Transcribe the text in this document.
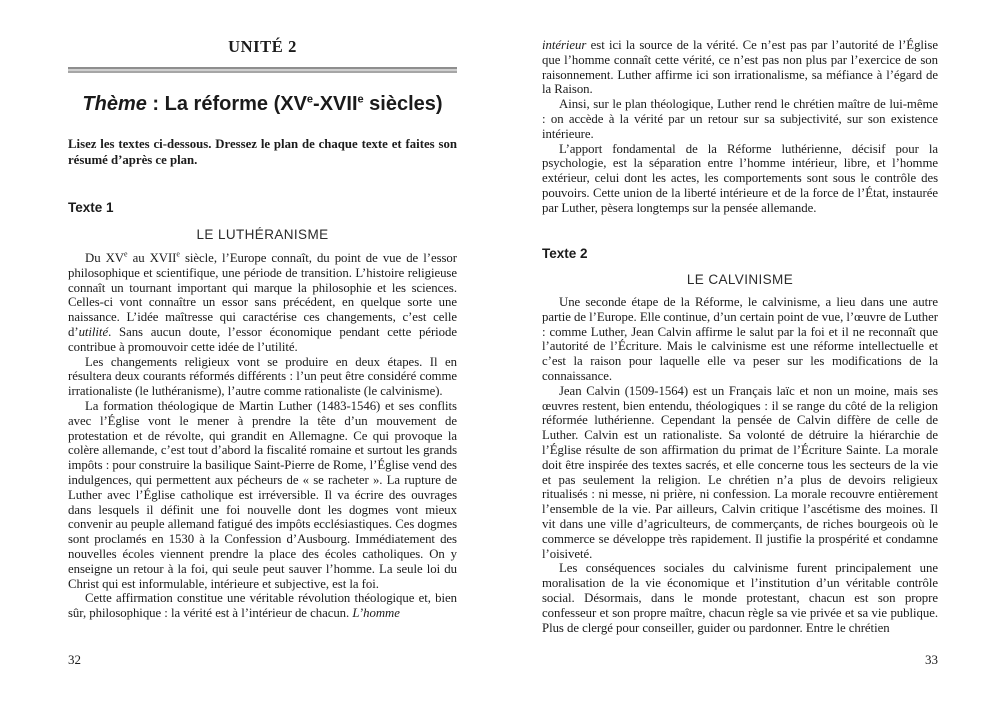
UNITÉ 2
Thème : La réforme (XVe-XVIIe siècles)

Lisez les textes ci-dessous. Dressez le plan de chaque texte et faites son résumé d’après ce plan.

Texte 1
LE LUTHÉRANISME

Du XVe au XVIIe siècle, l’Europe connaît, du point de vue de l’essor philosophique et scientifique, une période de transition. L’histoire religieuse connaît un tournant important qui marque la philosophie et les sciences. Celles-ci vont connaître un essor sans précédent, en quelque sorte une naissance. L’idée maîtresse qui caractérise ces changements, c’est celle d’utilité. Sans aucun doute, l’essor économique pendant cette période contribue à promouvoir cette idée de l’utilité.

Les changements religieux vont se produire en deux étapes. Il en résultera deux courants réformés différents : l’un peut être considéré comme irrationaliste (le luthéranisme), l’autre comme rationaliste (le calvinisme).

La formation théologique de Martin Luther (1483-1546) et ses conflits avec l’Église vont le mener à prendre la tête d’un mouvement de protestation et de révolte, qui grandit en Allemagne. Ce qui provoque la colère allemande, c’est tout d’abord la fiscalité romaine et surtout les grands impôts : pour construire la basilique Saint-Pierre de Rome, l’Église vend des indulgences, qui permettent aux pécheurs de « se racheter ». La rupture de Luther avec l’Église catholique est irréversible. Il va écrire des ouvrages dans lesquels il définit une foi nouvelle dont les dogmes vont mieux convenir au peuple allemand fatigué des impôts ecclésiastiques. Ces dogmes sont proclamés en 1530 à la Confession d’Ausbourg. Immédiatement des nouvelles écoles viennent prendre la place des écoles catholiques. On y enseigne un retour à la foi, qui seule peut sauver l’homme. La seule loi du Christ qui est informulable, intérieure et subjective, est la foi.

Cette affirmation constitue une véritable révolution théologique et, bien sûr, philosophique : la vérité est à l’intérieur de chacun. L’homme

32

intérieur est ici la source de la vérité. Ce n’est pas par l’autorité de l’Église que l’homme connaît cette vérité, ce n’est pas non plus par l’exercice de son raisonnement. Luther affirme ici son irrationalisme, sa méfiance à l’égard de la Raison.

Ainsi, sur le plan théologique, Luther rend le chrétien maître de lui-même : on accède à la vérité par un retour sur sa subjectivité, sur son existence intérieure.

L’apport fondamental de la Réforme luthérienne, décisif pour la psychologie, est la séparation entre l’homme intérieur, libre, et l’homme extérieur, celui dont les actes, les comportements sont sous le contrôle des pouvoirs. Cette union de la liberté intérieure et de la force de l’État, instaurée par Luther, pèsera longtemps sur la pensée allemande.

Texte 2
LE CALVINISME

Une seconde étape de la Réforme, le calvinisme, a lieu dans une autre partie de l’Europe. Elle continue, d’un certain point de vue, l’œuvre de Luther : comme Luther, Jean Calvin affirme le salut par la foi et il ne reconnaît que l’autorité de l’Écriture. Mais le calvinisme est une réforme intellectuelle et c’est la raison pour laquelle elle va peser sur les modifications de la connaissance.

Jean Calvin (1509-1564) est un Français laïc et non un moine, mais ses œuvres restent, bien entendu, théologiques : il se range du côté de la religion réformée luthérienne. Cependant la pensée de Calvin diffère de celle de Luther. Calvin est un rationaliste. Sa volonté de détruire la hiérarchie de l’Église résulte de son affirmation du primat de l’Écriture Sainte. La morale doit être inspirée des textes sacrés, et elle concerne tous les secteurs de la vie et pas seulement la religion. Le chrétien n’a plus de devoirs religieux ritualisés : ni messe, ni prière, ni confession. La morale recouvre entièrement l’ensemble de la vie. Par ailleurs, Calvin critique l’ascétisme des moines. Il vit dans une ville d’agriculteurs, de commerçants, de riches bourgeois où le commerce se développe très rapidement. Il justifie la prospérité et condamne l’oisiveté.

Les conséquences sociales du calvinisme furent principalement une moralisation de la vie économique et l’institution d’un véritable contrôle social. Désormais, dans le monde protestant, chacun est son propre confesseur et son propre maître, chacun règle sa vie privée et sa vie publique. Plus de clergé pour conseiller, guider ou pardonner. Entre le chrétien

33
